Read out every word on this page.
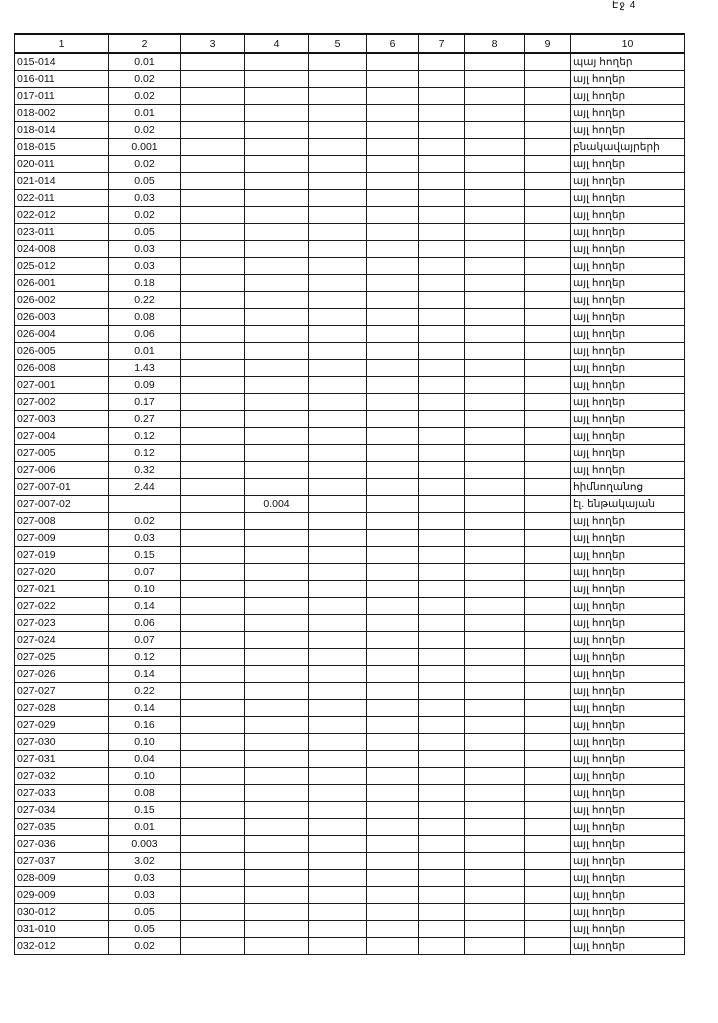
Էջ 4
1	2	3	4	5	6	7	8	9	10
015-014	0.01								պայ հողեր
016-011	0.02								այլ հողեր
017-011	0.02								այլ հողեր
018-002	0.01								այլ հողեր
018-014	0.02								այլ հողեր
018-015	0.001								բնակավայրերի
020-011	0.02								այլ հողեր
021-014	0.05								այլ հողեր
022-011	0.03								այլ հողեր
022-012	0.02								այլ հողեր
023-011	0.05								այլ հողեր
024-008	0.03								այլ հողեր
025-012	0.03								այլ հողեր
026-001	0.18								այլ հողեր
026-002	0.22								այլ հողեր
026-003	0.08								այլ հողեր
026-004	0.06								այլ հողեր
026-005	0.01								այլ հողեր
026-008	1.43								այլ հողեր
027-001	0.09								այլ հողեր
027-002	0.17								այլ հողեր
027-003	0.27								այլ հողեր
027-004	0.12								այլ հողեր
027-005	0.12								այլ հողեր
027-006	0.32								այլ հողեր
027-007-01	2.44								հիմնողանոց
027-007-02			0.004						էլ. ենթակայան
027-008	0.02								այլ հողեր
027-009	0.03								այլ հողեր
027-019	0.15								այլ հողեր
027-020	0.07								այլ հողեր
027-021	0.10								այլ հողեր
027-022	0.14								այլ հողեր
027-023	0.06								այլ հողեր
027-024	0.07								այլ հողեր
027-025	0.12								այլ հողեր
027-026	0.14								այլ հողեր
027-027	0.22								այլ հողեր
027-028	0.14								այլ հողեր
027-029	0.16								այլ հողեր
027-030	0.10								այլ հողեր
027-031	0.04								այլ հողեր
027-032	0.10								այլ հողեր
027-033	0.08								այլ հողեր
027-034	0.15								այլ հողեր
027-035	0.01								այլ հողեր
027-036	0.003								այլ հողեր
027-037	3.02								այլ հողեր
028-009	0.03								այլ հողեր
029-009	0.03								այլ հողեր
030-012	0.05								այլ հողեր
031-010	0.05								այլ հողեր
032-012	0.02								այլ հողեր
